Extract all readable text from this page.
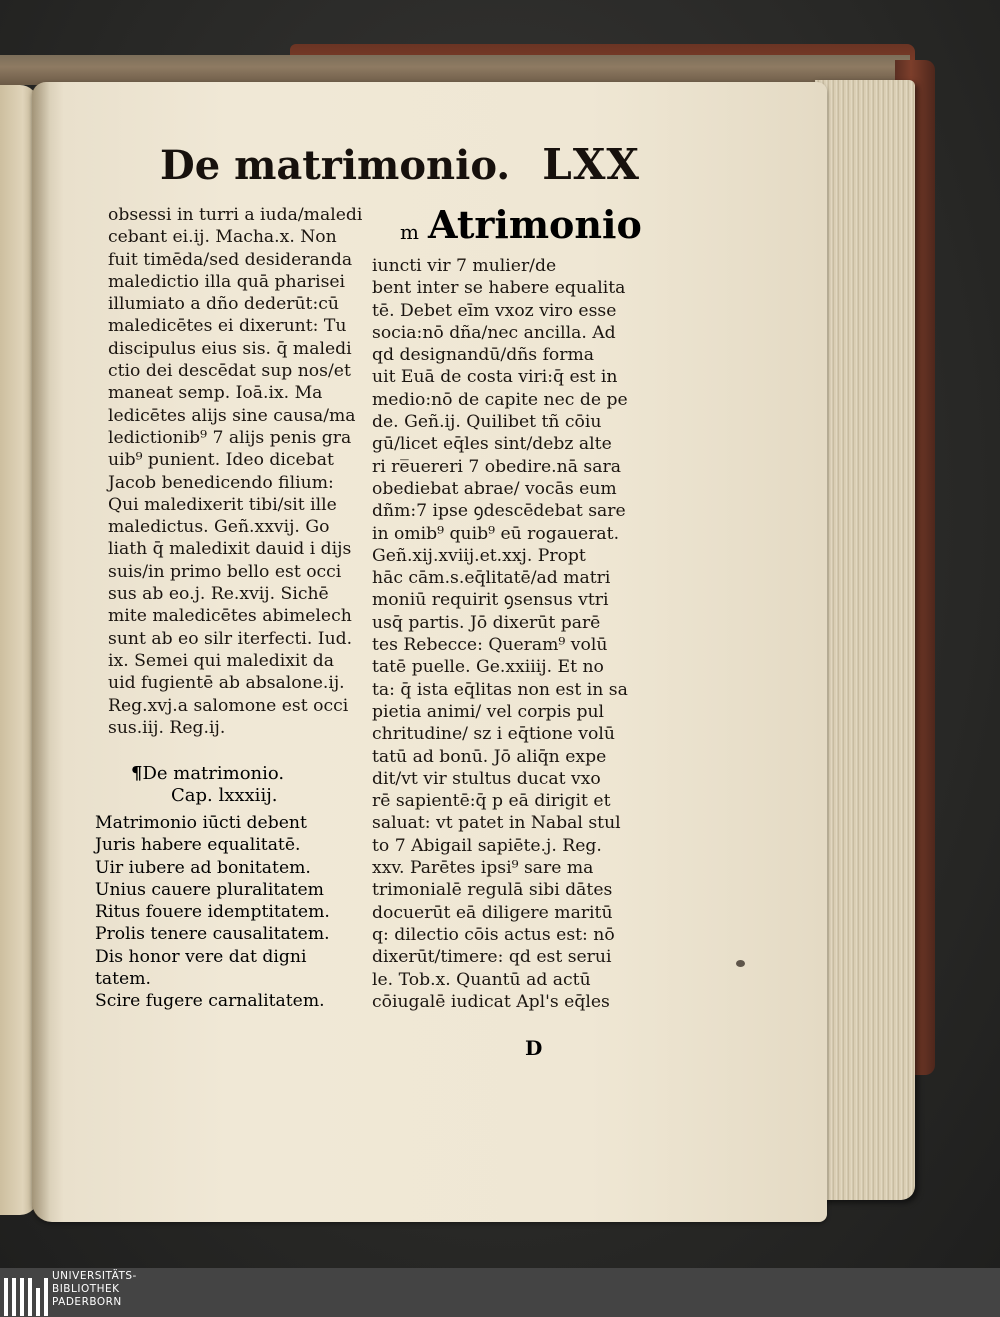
De matrimonio. LXX
obsessi in turri a iuda/maledi
cebant ei.ij. Macha.x. Non
fuit timēda/sed desideranda
maledictio illa quā pharisei
illumiato a dño dederūt:cū
maledicētes ei dixerunt: Tu
discipulus eius sis. q̄ maledi
ctio dei descēdat sup nos/et
maneat semp. Ioā.ix. Ma
ledicētes alijs sine causa/ma
ledictionib⁹ 7 alijs penis gra
uib⁹ punient. Ideo dicebat
Jacob benedicendo filium:
Qui maledixerit tibi/sit ille
maledictus. Geñ.xxvij. Go
liath q̄ maledixit dauid i dijs
suis/in primo bello est occi
sus ab eo.j. Re.xvij. Sichē
mite maledicētes abimelech
sunt ab eo silr iterfecti. Iud.
ix. Semei qui maledixit da
uid fugientē ab absalone.ij.
Reg.xvj.a salomone est occi
sus.iij. Reg.ij.
¶De matrimonio.
Cap. lxxxiij.
Matrimonio iūcti debent
Juris habere equalitatē.
Uir iubere ad bonitatem.
Unius cauere pluralitatem
Ritus fouere idemptitatem.
Prolis tenere causalitatem.
Dis honor vere dat digni
tatem.
Scire fugere carnalitatem.
m Atrimonio
iuncti vir 7 mulier/de
bent inter se habere equalita
tē. Debet eīm vxoz viro esse
socia:nō dña/nec ancilla. Ad
qd designandū/dñs forma
uit Euā de costa viri:q̄ est in
medio:nō de capite nec de pe
de. Geñ.ij. Quilibet tñ cōiu
gū/licet eq̄les sint/debz alte
ri re̅uereri 7 obedire.nā sara
obediebat abrae/ vocās eum
dñm:7 ipse ꝯdescēdebat sare
in omib⁹ quib⁹ eū rogauerat.
Geñ.xij.xviij.et.xxj. Propt
hāc cām.s.eq̄litatē/ad matri
moniū requirit ꝯsensus vtri
usq̄ partis. Jō dixerūt parē
tes Rebecce: Queram⁹ volū
tatē puelle. Ge.xxiiij. Et no
ta: q̄ ista eq̄litas non est in sa
pietia animi/ vel corpis pul
chritudine/ sz i eq̄tione volū
tatū ad bonū. Jō aliq̄n expe
dit/vt vir stultus ducat vxo
rē sapientē:q̄ p eā dirigit et
saluat: vt patet in Nabal stul
to 7 Abigail sapiēte.j. Reg.
xxv. Parētes ipsi⁹ sare ma
trimonialē regulā sibi dātes
docuerūt eā diligere maritū
q: dilectio cōis actus est: nō
dixerūt/timere: qd est serui
le. Tob.x. Quantū ad actū
cōiugalē iudicat Apl's eq̄les
D
UNIVERSITÄTS-
BIBLIOTHEK
PADERBORN
